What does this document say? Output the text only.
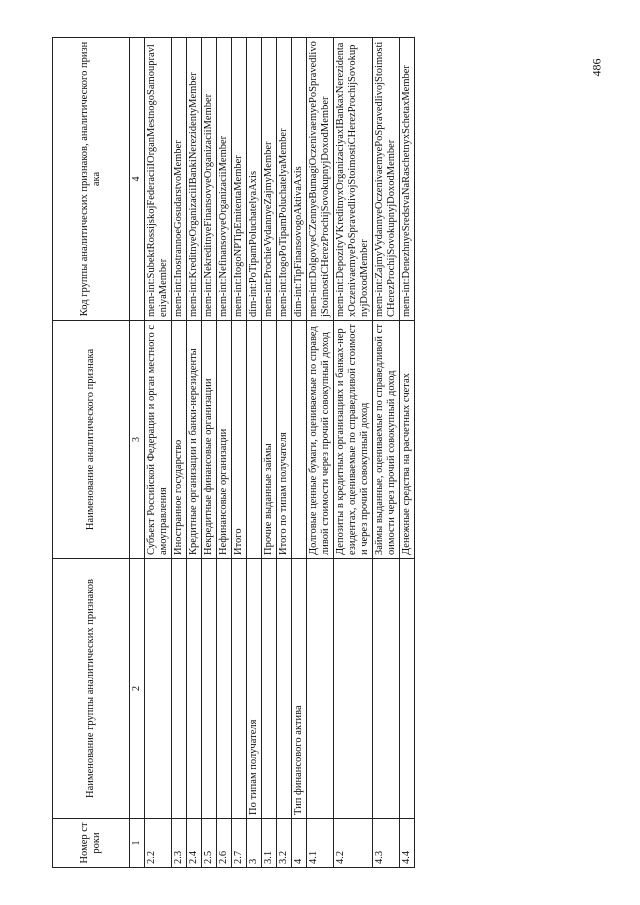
486
Номер строки	Наименование группы аналитических признаков	Наименование аналитического признака	Код группы аналитических признаков, аналитического признака
1	2	3	4
2.2		Субъект Российской Федерации и орган местного самоуправления	mem-int:SubektRossijskojFederaciiIOrganMestnogoSamoupravleniyaMember
2.3		Иностранное государство	mem-int:InostrannoeGosudarstvoMember
2.4		Кредитные организации и банки-нерезиденты	mem-int:KreditnyeOrganizaciiIBankiNerezidentyMember
2.5		Некредитные финансовые организации	mem-int:NekreditnyeFinansovyeOrganizaciiMember
2.6		Нефинансовые организации	mem-int:NefinansovyeOrganizaciiMember
2.7		Итого	mem-int:ItogoNPTipEmitentaMember
3	По типам получателя		dim-int:PoTipamPoluchatelyaAxis
3.1		Прочие выданные займы	mem-int:ProchieVydannyeZajmyMember
3.2		Итого по типам получателя	mem-int:ItogoPoTipamPoluchatelyaMember
4	Тип финансового актива		dim-int:TipFinansovogoAktivaAxis
4.1		Долговые ценные бумаги, оцениваемые по справедливой стоимости через прочий совокупный доход	mem-int:DolgovyeCZennyeBumagiOczenivaemyePoSpravedlivojStoimostiCHerezProchijSovokupnyjDoxodMember
4.2		Депозиты в кредитных организациях и банках-нерезидентах, оцениваемые по справедливой стоимости через прочий совокупный доход	mem-int:DepozityVKreditnyxOrganizaciyaxIBankaxNerezidentaxOczenivaemyePoSpravedlivojStoimostiCHerezProchijSovokupnyjDoxodMember
4.3		Займы выданные, оцениваемые по справедливой стоимости через прочий совокупный доход	mem-int:ZajmyVydannyeOczenivaemyePoSpravedlivojStoimostiCHerezProchijSovokupnyjDoxodMember
4.4		Денежные средства на расчетных счетах	mem-int:DenezhnyeSredstvaNaRaschetnyxSchetaxMember
